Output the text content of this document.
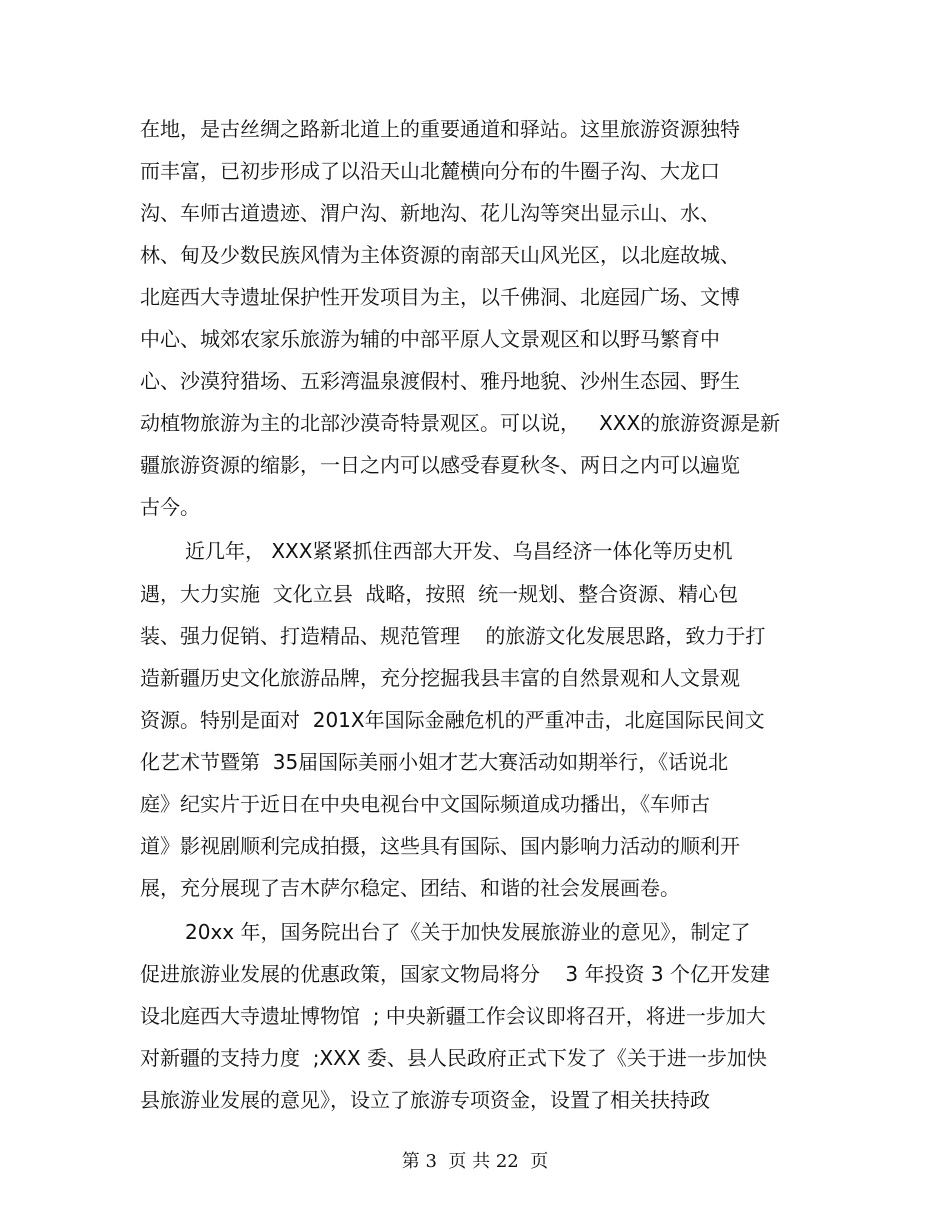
在地，是古丝绸之路新北道上的重要通道和驿站。这里旅游资源独特
而丰富，已初步形成了以沿天山北麓横向分布的牛圈子沟、大龙口
沟、车师古道遗迹、渭户沟、新地沟、花儿沟等突出显示山、水、
林、甸及少数民族风情为主体资源的南部天山风光区，以北庭故城、
北庭西大寺遗址保护性开发项目为主，以千佛洞、北庭园广场、文博
中心、城郊农家乐旅游为辅的中部平原人文景观区和以野马繁育中
心、沙漠狩猎场、五彩湾温泉渡假村、雅丹地貌、沙州生态园、野生
动植物旅游为主的北部沙漠奇特景观区。可以说，   XXX的旅游资源是新
疆旅游资源的缩影，一日之内可以感受春夏秋冬、两日之内可以遍览
古今。
近几年， XXX紧紧抓住西部大开发、乌昌经济一体化等历史机
遇，大力实施  文化立县  战略，按照  统一规划、整合资源、精心包
装、强力促销、打造精品、规范管理    的旅游文化发展思路，致力于打
造新疆历史文化旅游品牌，充分挖掘我县丰富的自然景观和人文景观
资源。特别是面对  201X年国际金融危机的严重冲击，北庭国际民间文
化艺术节暨第  35届国际美丽小姐才艺大赛活动如期举行，《话说北
庭》纪实片于近日在中央电视台中文国际频道成功播出，《车师古
道》影视剧顺利完成拍摄，这些具有国际、国内影响力活动的顺利开
展，充分展现了吉木萨尔稳定、团结、和谐的社会发展画卷。
20xx 年，国务院出台了《关于加快发展旅游业的意见》，制定了
促进旅游业发展的优惠政策，国家文物局将分    3 年投资 3 个亿开发建
设北庭西大寺遗址博物馆  ; 中央新疆工作会议即将召开，将进一步加大
对新疆的支持力度  ;XXX 委、县人民政府正式下发了《关于进一步加快
县旅游业发展的意见》，设立了旅游专项资金，设置了相关扶持政
第 3  页 共 22  页
